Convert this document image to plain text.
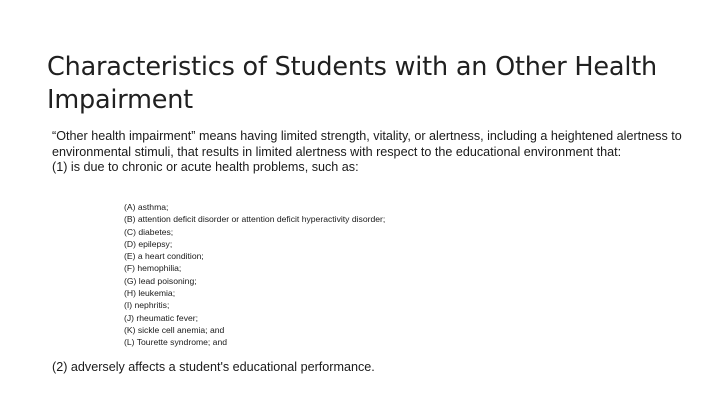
Characteristics of Students with an Other Health Impairment

“Other health impairment” means having limited strength, vitality, or alertness, including a heightened alertness to environmental stimuli, that results in limited alertness with respect to the educational environment that:

(1) is due to chronic or acute health problems, such as:

(A) asthma;
(B) attention deficit disorder or attention deficit hyperactivity disorder;
(C) diabetes;
(D) epilepsy;
(E) a heart condition;
(F) hemophilia;
(G) lead poisoning;
(H) leukemia;
(I) nephritis;
(J) rheumatic fever;
(K) sickle cell anemia; and
(L) Tourette syndrome; and

(2) adversely affects a student's educational performance.
